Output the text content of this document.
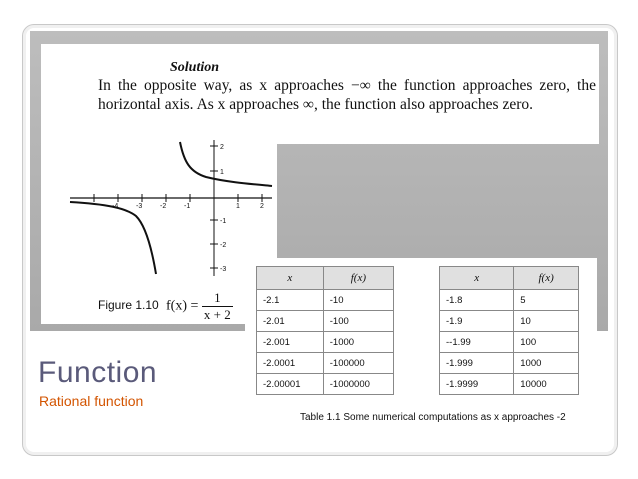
Solution
In the opposite way, as x approaches −∞ the function approaches zero, the horizontal axis. As x approaches ∞, the function also approaches zero.
-4	-3	-2	-1	1	2
2
1
-1
-2
-3
Figure 1.10 $f(x) = \frac{1}{x + 2}$
x	f(x)
-2.1	-10
-2.01	-100
-2.001	-1000
-2.0001	-100000
-2.00001	-1000000
x	f(x)
-1.8	5
-1.9	10
--1.99	100
-1.999	1000
-1.9999	10000
Table 1.1 Some numerical computations as x approaches -2
Function
Rational function
